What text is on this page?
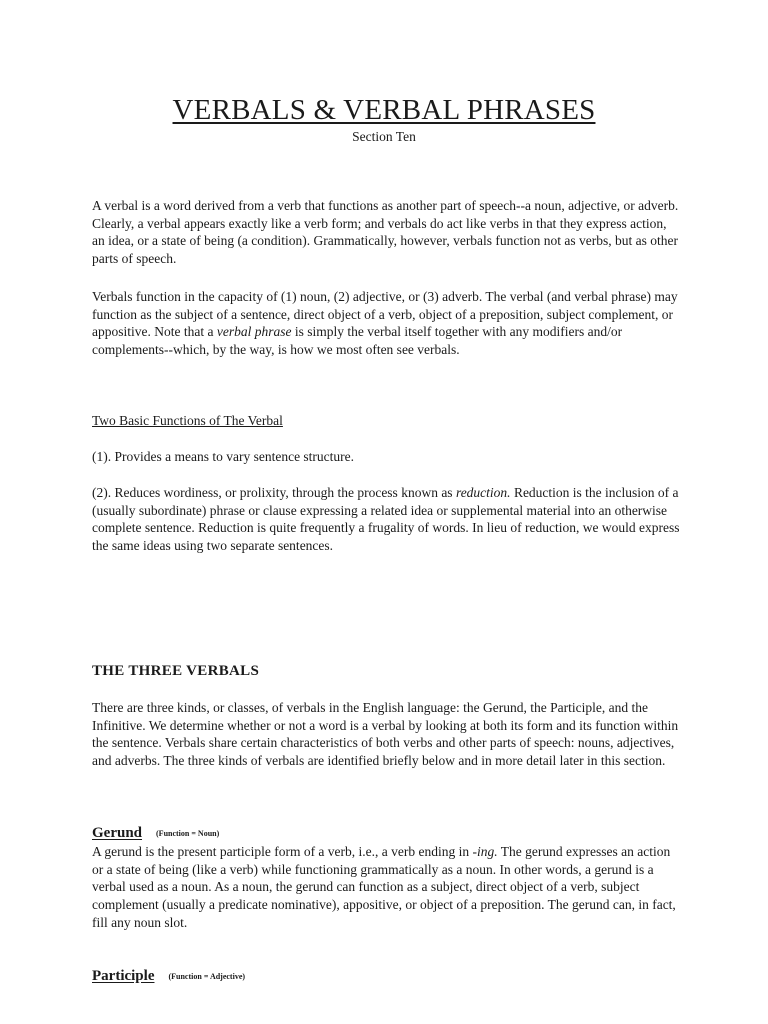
VERBALS & VERBAL PHRASES
Section Ten

A verbal is a word derived from a verb that functions as another part of speech--a noun, adjective, or adverb. Clearly, a verbal appears exactly like a verb form; and verbals do act like verbs in that they express action, an idea, or a state of being (a condition). Grammatically, however, verbals function not as verbs, but as other parts of speech.

Verbals function in the capacity of (1) noun, (2) adjective, or (3) adverb. The verbal (and verbal phrase) may function as the subject of a sentence, direct object of a verb, object of a preposition, subject complement, or appositive. Note that a verbal phrase is simply the verbal itself together with any modifiers and/or complements--which, by the way, is how we most often see verbals.

Two Basic Functions of The Verbal

(1). Provides a means to vary sentence structure.

(2). Reduces wordiness, or prolixity, through the process known as reduction. Reduction is the inclusion of a (usually subordinate) phrase or clause expressing a related idea or supplemental material into an otherwise complete sentence. Reduction is quite frequently a frugality of words. In lieu of reduction, we would express the same ideas using two separate sentences.

THE THREE VERBALS

There are three kinds, or classes, of verbals in the English language: the Gerund, the Participle, and the Infinitive. We determine whether or not a word is a verbal by looking at both its form and its function within the sentence. Verbals share certain characteristics of both verbs and other parts of speech: nouns, adjectives, and adverbs. The three kinds of verbals are identified briefly below and in more detail later in this section.

Gerund (Function = Noun)

A gerund is the present participle form of a verb, i.e., a verb ending in -ing. The gerund expresses an action or a state of being (like a verb) while functioning grammatically as a noun. In other words, a gerund is a verbal used as a noun. As a noun, the gerund can function as a subject, direct object of a verb, subject complement (usually a predicate nominative), appositive, or object of a preposition. The gerund can, in fact, fill any noun slot.

Participle (Function = Adjective)
